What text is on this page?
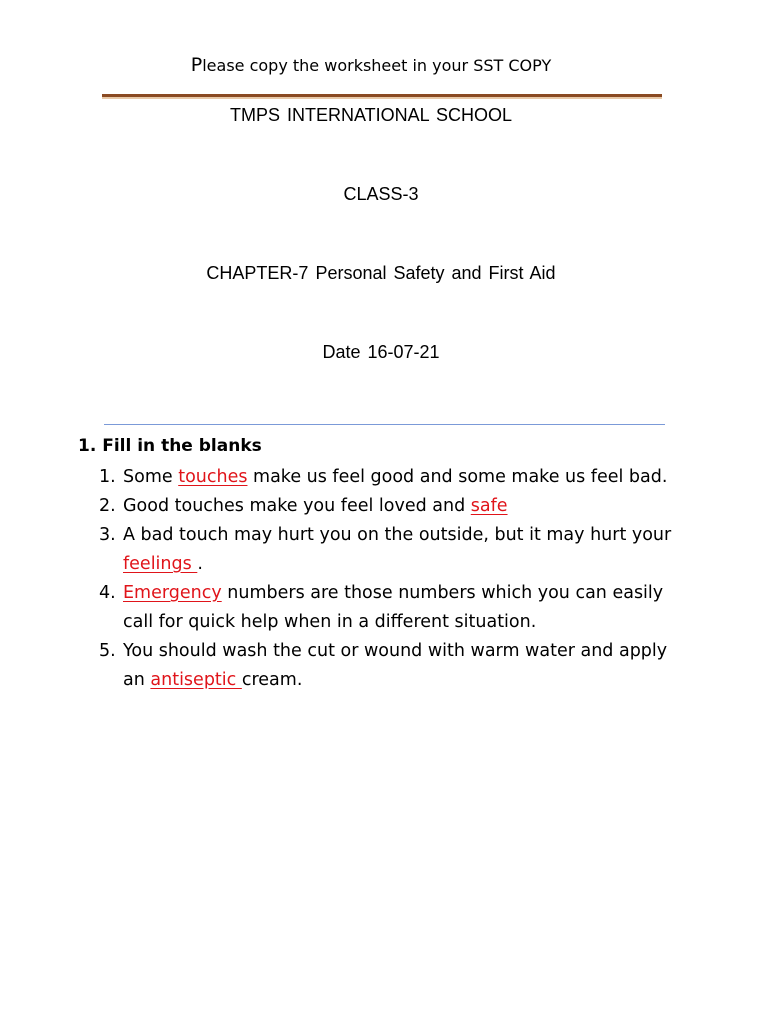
Please copy the worksheet in your SST COPY
TMPS INTERNATIONAL SCHOOL
CLASS-3
CHAPTER-7 Personal Safety and First Aid
Date 16-07-21
1. Fill in the blanks
1. Some touches make us feel good and some make us feel bad.
2. Good touches make you feel loved and safe
3. A bad touch may hurt you on the outside, but it may hurt your feelings .
4. Emergency numbers are those numbers which you can easily call for quick help when in a different situation.
5. You should wash the cut or wound with warm water and apply an antiseptic cream.
